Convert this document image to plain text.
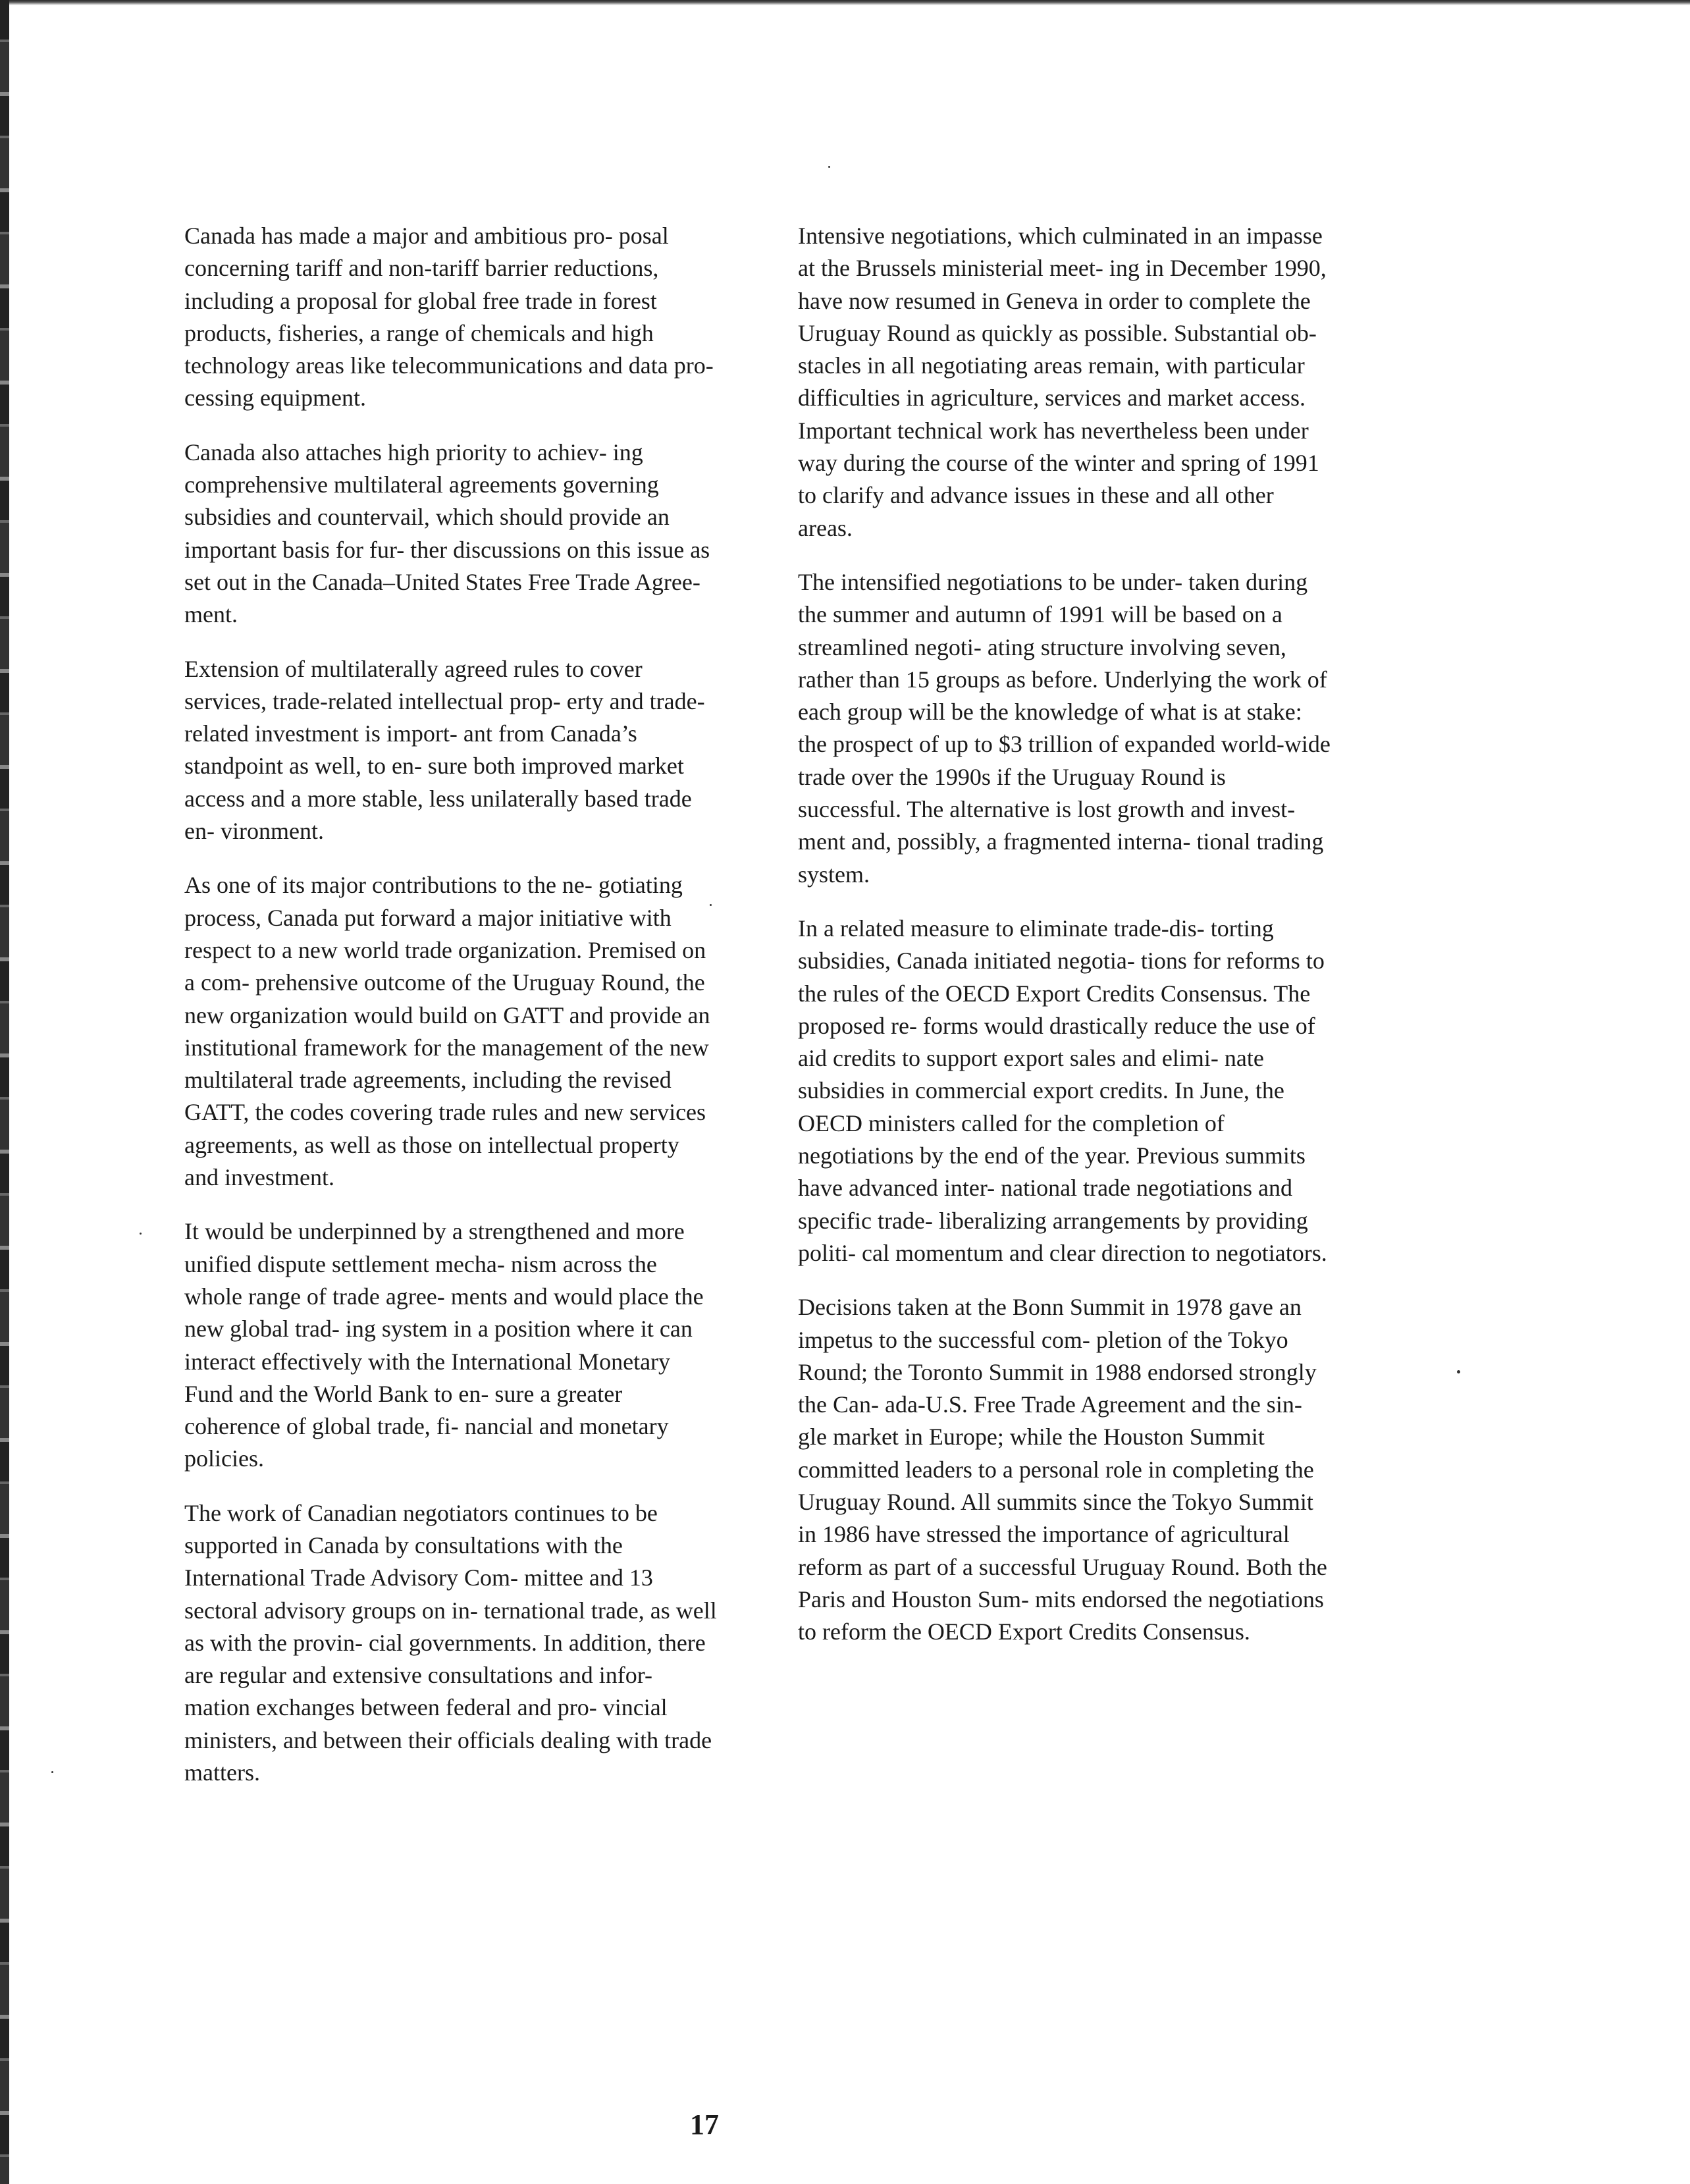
Canada has made a major and ambitious pro- posal concerning tariff and non-tariff barrier reductions, including a proposal for global free trade in forest products, fisheries, a range of chemicals and high technology areas like telecommunications and data pro- cessing equipment.

Canada also attaches high priority to achiev- ing comprehensive multilateral agreements governing subsidies and countervail, which should provide an important basis for fur- ther discussions on this issue as set out in the Canada–United States Free Trade Agree- ment.

Extension of multilaterally agreed rules to cover services, trade-related intellectual prop- erty and trade-related investment is import- ant from Canada’s standpoint as well, to en- sure both improved market access and a more stable, less unilaterally based trade en- vironment.

As one of its major contributions to the ne- gotiating process, Canada put forward a major initiative with respect to a new world trade organization. Premised on a com- prehensive outcome of the Uruguay Round, the new organization would build on GATT and provide an institutional framework for the management of the new multilateral trade agreements, including the revised GATT, the codes covering trade rules and new services agreements, as well as those on intellectual property and investment.

It would be underpinned by a strengthened and more unified dispute settlement mecha- nism across the whole range of trade agree- ments and would place the new global trad- ing system in a position where it can interact effectively with the International Monetary Fund and the World Bank to en- sure a greater coherence of global trade, fi- nancial and monetary policies.

The work of Canadian negotiators continues to be supported in Canada by consultations with the International Trade Advisory Com- mittee and 13 sectoral advisory groups on in- ternational trade, as well as with the provin- cial governments. In addition, there are regular and extensive consultations and infor- mation exchanges between federal and pro- vincial ministers, and between their officials dealing with trade matters.

Intensive negotiations, which culminated in an impasse at the Brussels ministerial meet- ing in December 1990, have now resumed in Geneva in order to complete the Uruguay Round as quickly as possible. Substantial ob- stacles in all negotiating areas remain, with particular difficulties in agriculture, services and market access. Important technical work has nevertheless been under way during the course of the winter and spring of 1991 to clarify and advance issues in these and all other areas.

The intensified negotiations to be under- taken during the summer and autumn of 1991 will be based on a streamlined negoti- ating structure involving seven, rather than 15 groups as before. Underlying the work of each group will be the knowledge of what is at stake: the prospect of up to $3 trillion of expanded world-wide trade over the 1990s if the Uruguay Round is successful. The alternative is lost growth and invest- ment and, possibly, a fragmented interna- tional trading system.

In a related measure to eliminate trade-dis- torting subsidies, Canada initiated negotia- tions for reforms to the rules of the OECD Export Credits Consensus. The proposed re- forms would drastically reduce the use of aid credits to support export sales and elimi- nate subsidies in commercial export credits. In June, the OECD ministers called for the completion of negotiations by the end of the year. Previous summits have advanced inter- national trade negotiations and specific trade- liberalizing arrangements by providing politi- cal momentum and clear direction to negotiators.

Decisions taken at the Bonn Summit in 1978 gave an impetus to the successful com- pletion of the Tokyo Round; the Toronto Summit in 1988 endorsed strongly the Can- ada-U.S. Free Trade Agreement and the sin- gle market in Europe; while the Houston Summit committed leaders to a personal role in completing the Uruguay Round. All summits since the Tokyo Summit in 1986 have stressed the importance of agricultural reform as part of a successful Uruguay Round. Both the Paris and Houston Sum- mits endorsed the negotiations to reform the OECD Export Credits Consensus.

17
